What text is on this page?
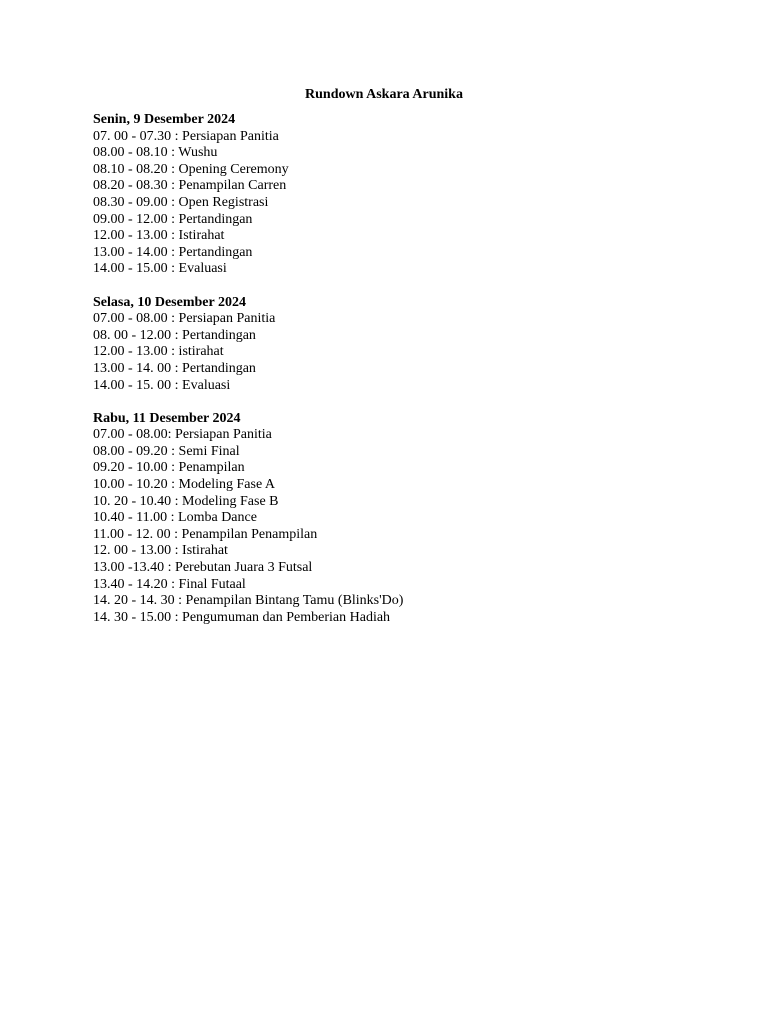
Rundown Askara Arunika
Senin, 9 Desember 2024
07. 00 - 07.30 : Persiapan Panitia
08.00 - 08.10 : Wushu
08.10 - 08.20 : Opening Ceremony
08.20 - 08.30 : Penampilan Carren
08.30 - 09.00 : Open Registrasi
09.00 - 12.00 : Pertandingan
12.00 - 13.00 : Istirahat
13.00 - 14.00 : Pertandingan
14.00 - 15.00 : Evaluasi
Selasa, 10 Desember 2024
07.00 - 08.00 : Persiapan Panitia
08. 00 - 12.00 : Pertandingan
12.00 - 13.00 : istirahat
13.00 - 14. 00 : Pertandingan
14.00 - 15. 00 : Evaluasi
Rabu, 11 Desember 2024
07.00 - 08.00: Persiapan Panitia
08.00 - 09.20 : Semi Final
09.20 - 10.00 : Penampilan
10.00 - 10.20 : Modeling Fase A
10. 20 - 10.40 : Modeling Fase B
10.40 - 11.00 : Lomba Dance
11.00 - 12. 00 : Penampilan Penampilan
12. 00 - 13.00 : Istirahat
13.00 -13.40 : Perebutan Juara 3 Futsal
13.40 - 14.20 : Final Futaal
14. 20 - 14. 30 : Penampilan Bintang Tamu (Blinks'Do)
14. 30 - 15.00 : Pengumuman dan Pemberian Hadiah
